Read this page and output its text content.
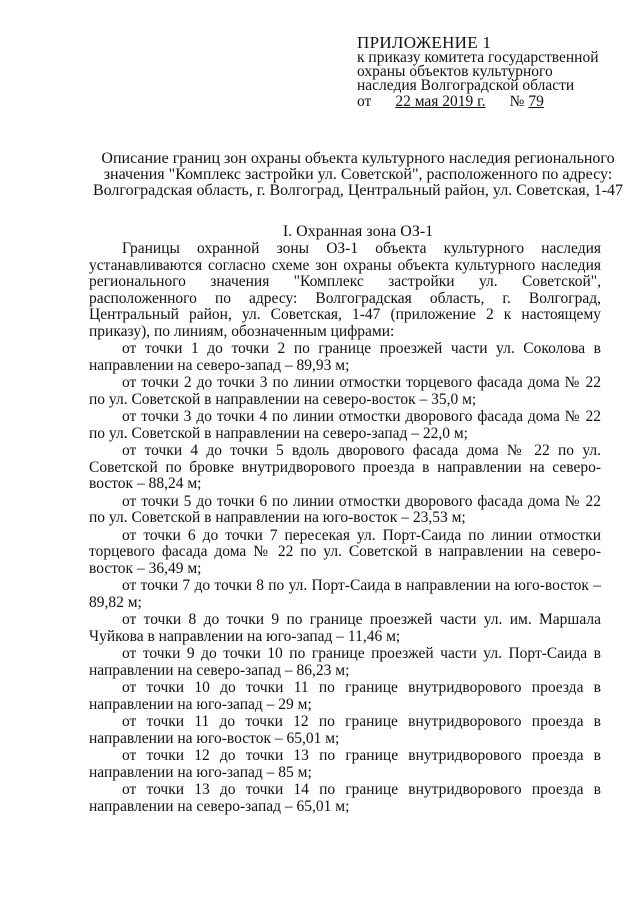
ПРИЛОЖЕНИЕ 1
к приказу комитета государственной
охраны объектов культурного
наследия Волгоградской области
от 22 мая 2019 г. № 79
Описание границ зон охраны объекта культурного наследия регионального значения "Комплекс застройки ул. Советской", расположенного по адресу: Волгоградская область, г. Волгоград, Центральный район, ул. Советская, 1-47
I. Охранная зона ОЗ-1

Границы охранной зоны ОЗ-1 объекта культурного наследия устанавливаются согласно схеме зон охраны объекта культурного наследия регионального значения "Комплекс застройки ул. Советской", расположенного по адресу: Волгоградская область, г. Волгоград, Центральный район, ул. Советская, 1-47 (приложение 2 к настоящему приказу), по линиям, обозначенным цифрами:

от точки 1 до точки 2 по границе проезжей части ул. Соколова в направлении на северо-запад – 89,93 м;

от точки 2 до точки 3 по линии отмостки торцевого фасада дома № 22 по ул. Советской в направлении на северо-восток – 35,0 м;

от точки 3 до точки 4 по линии отмостки дворового фасада дома № 22 по ул. Советской в направлении на северо-запад – 22,0 м;

от точки 4 до точки 5 вдоль дворового фасада дома № 22 по ул. Советской по бровке внутридворового проезда в направлении на северо-восток – 88,24 м;

от точки 5 до точки 6 по линии отмостки дворового фасада дома № 22 по ул. Советской в направлении на юго-восток – 23,53 м;

от точки 6 до точки 7 пересекая ул. Порт-Саида по линии отмостки торцевого фасада дома № 22 по ул. Советской в направлении на северо-восток – 36,49 м;

от точки 7 до точки 8 по ул. Порт-Саида в направлении на юго-восток – 89,82 м;

от точки 8 до точки 9 по границе проезжей части ул. им. Маршала Чуйкова в направлении на юго-запад – 11,46 м;

от точки 9 до точки 10 по границе проезжей части ул. Порт-Саида в направлении на северо-запад – 86,23 м;

от точки 10 до точки 11 по границе внутридворового проезда в направлении на юго-запад – 29 м;

от точки 11 до точки 12 по границе внутридворового проезда в направлении на юго-восток – 65,01 м;

от точки 12 до точки 13 по границе внутридворового проезда в направлении на юго-запад – 85 м;

от точки 13 до точки 14 по границе внутридворового проезда в направлении на северо-запад – 65,01 м;
